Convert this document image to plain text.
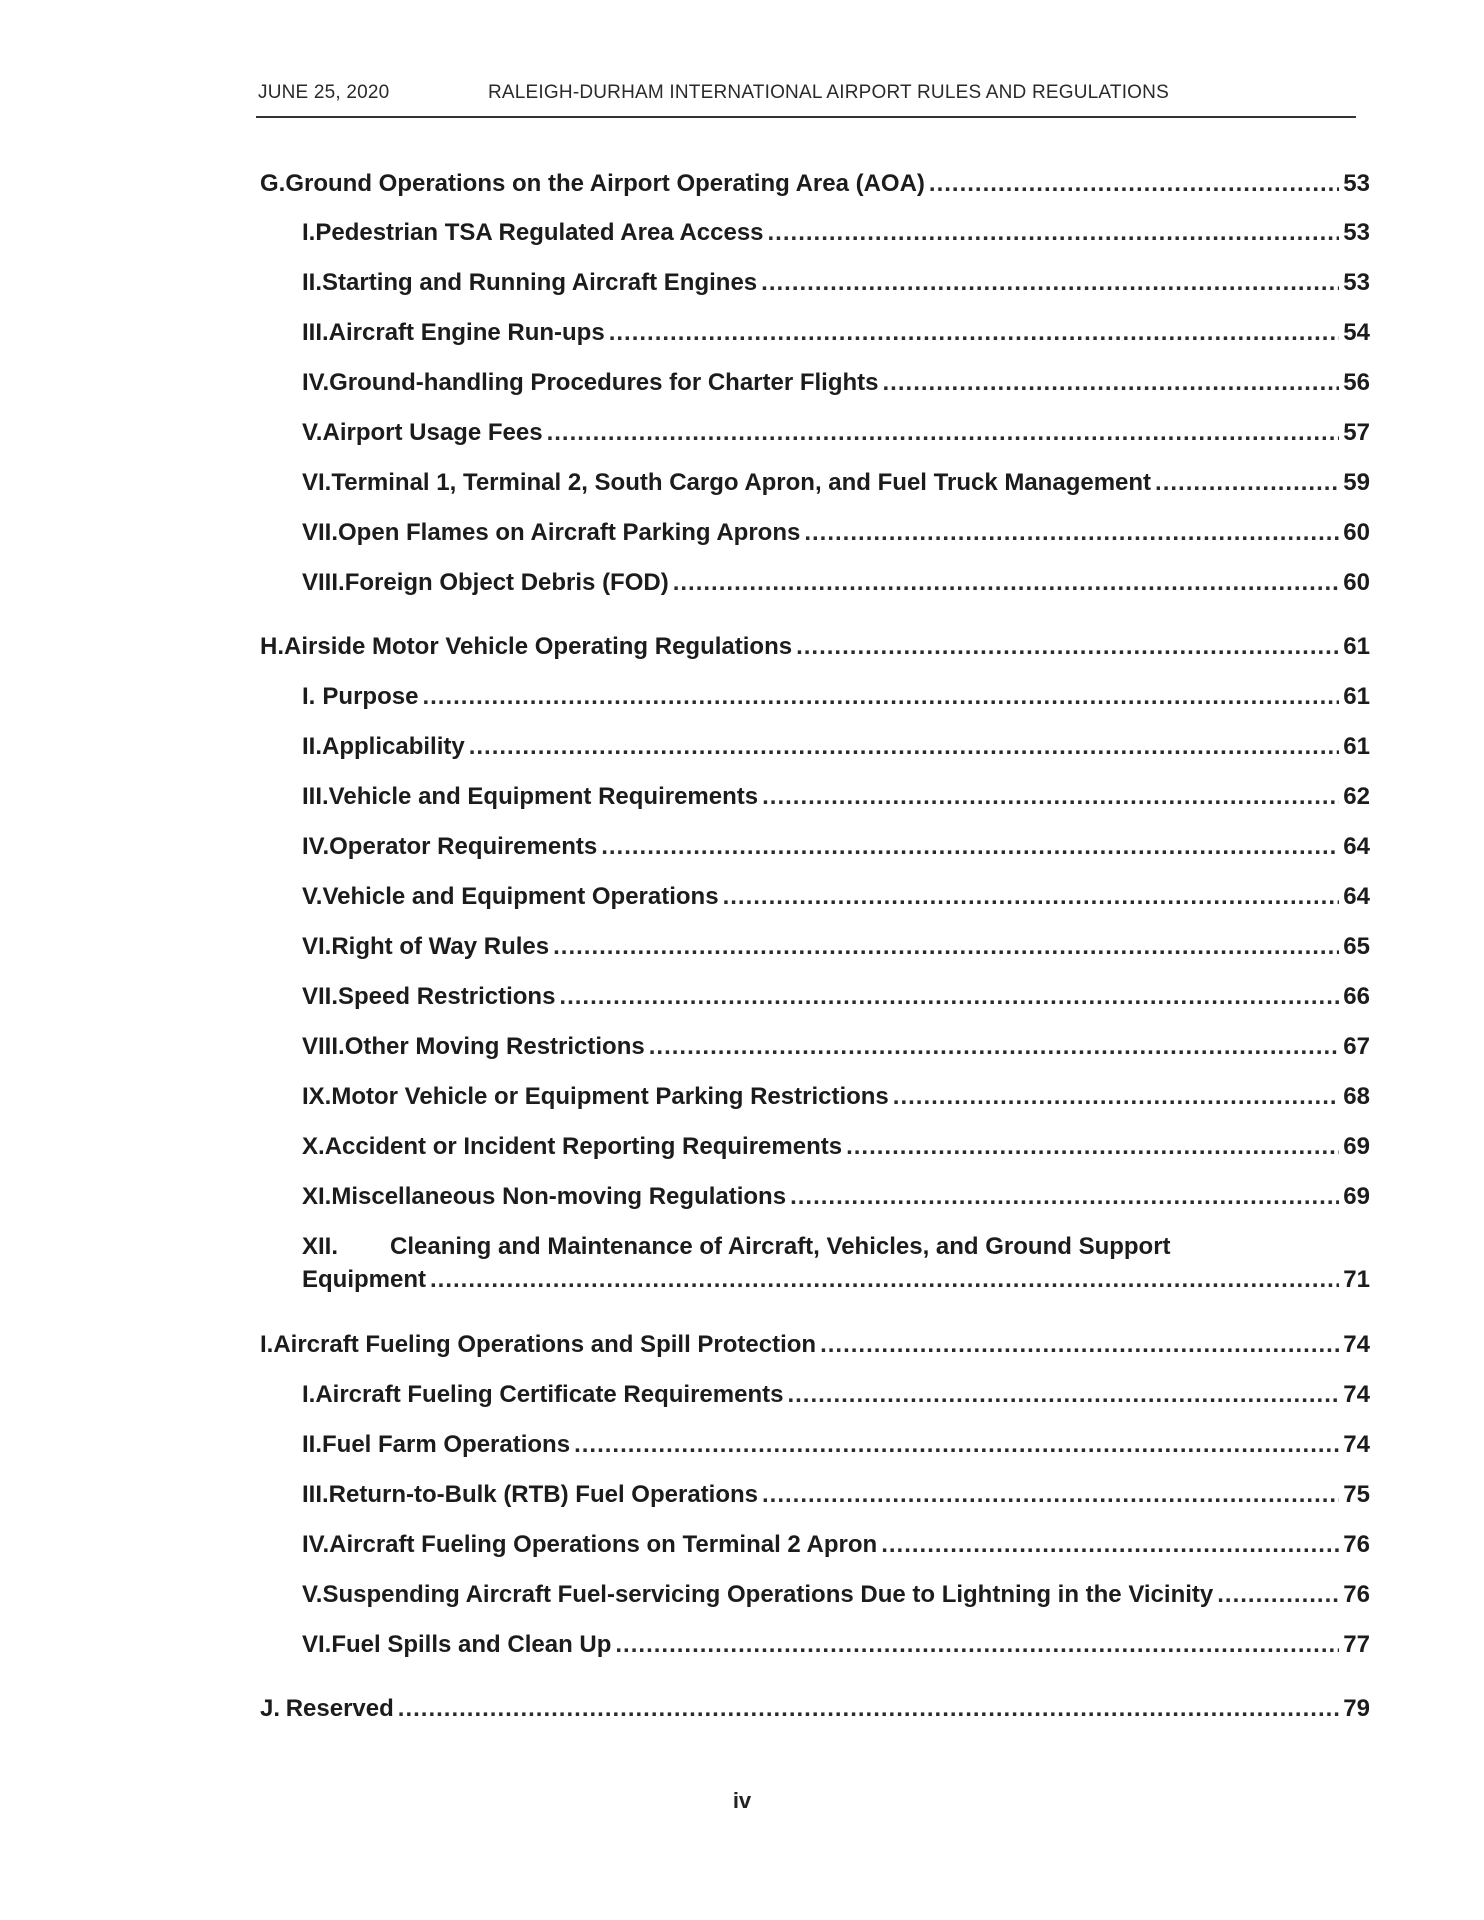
JUNE 25, 2020	RALEIGH-DURHAM INTERNATIONAL AIRPORT RULES AND REGULATIONS
G. Ground Operations on the Airport Operating Area (AOA) .....	53
I. Pedestrian TSA Regulated Area Access .....	53
II. Starting and Running Aircraft Engines .....	53
III. Aircraft Engine Run-ups .....	54
IV. Ground-handling Procedures for Charter Flights .....	56
V. Airport Usage Fees .....	57
VI. Terminal 1, Terminal 2, South Cargo Apron, and Fuel Truck Management .....	59
VII. Open Flames on Aircraft Parking Aprons .....	60
VIII. Foreign Object Debris (FOD) .....	60
H. Airside Motor Vehicle Operating Regulations .....	61
I. Purpose .....	61
II. Applicability .....	61
III. Vehicle and Equipment Requirements .....	62
IV. Operator Requirements .....	64
V. Vehicle and Equipment Operations .....	64
VI. Right of Way Rules .....	65
VII. Speed Restrictions .....	66
VIII. Other Moving Restrictions .....	67
IX. Motor Vehicle or Equipment Parking Restrictions .....	68
X. Accident or Incident Reporting Requirements .....	69
XI. Miscellaneous Non-moving Regulations .....	69
XII. Cleaning and Maintenance of Aircraft, Vehicles, and Ground Support
Equipment .....	71
I. Aircraft Fueling Operations and Spill Protection .....	74
I. Aircraft Fueling Certificate Requirements .....	74
II. Fuel Farm Operations .....	74
III. Return-to-Bulk (RTB) Fuel Operations .....	75
IV. Aircraft Fueling Operations on Terminal 2 Apron .....	76
V. Suspending Aircraft Fuel-servicing Operations Due to Lightning in the Vicinity .....	76
VI. Fuel Spills and Clean Up .....	77
J. Reserved .....	79
iv
